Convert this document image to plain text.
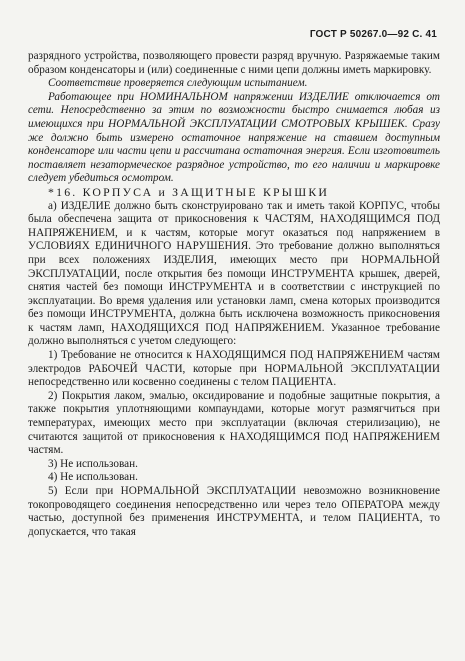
ГОСТ Р 50267.0—92 С. 41

разрядного устройства, позволяющего провести разряд вручную. Разряжаемые таким образом конденсаторы и (или) соединенные с ними цепи должны иметь маркировку.

Соответствие проверяется следующим испытанием.

Работающее при НОМИНАЛЬНОМ напряжении ИЗДЕЛИЕ отключается от сети. Непосредственно за этим по возможности быстро снимается любая из имеющихся при НОРМАЛЬНОЙ ЭКСПЛУАТАЦИИ СМОТРОВЫХ КРЫШЕК. Сразу же должно быть измерено остаточное напряжение на ставшем доступным конденсаторе или части цепи и рассчитана остаточная энергия. Если изготовитель поставляет незатормеческое разрядное устройство, то его наличии и маркировке следует убедиться осмотром.

*16. КОРПУСА и ЗАЩИТНЫЕ КРЫШКИ

а) ИЗДЕЛИЕ должно быть сконструировано так и иметь такой КОРПУС, чтобы была обеспечена защита от прикосновения к ЧАСТЯМ, НАХОДЯЩИМСЯ ПОД НАПРЯЖЕНИЕМ, и к частям, которые могут оказаться под напряжением в УСЛОВИЯХ ЕДИНИЧНОГО НАРУШЕНИЯ. Это требование должно выполняться при всех положениях ИЗДЕЛИЯ, имеющих место при НОРМАЛЬНОЙ ЭКСПЛУАТАЦИИ, после открытия без помощи ИНСТРУМЕНТА крышек, дверей, снятия частей без помощи ИНСТРУМЕНТА и в соответствии с инструкцией по эксплуатации. Во время удаления или установки ламп, смена которых производится без помощи ИНСТРУМЕНТА, должна быть исключена возможность прикосновения к частям ламп, НАХОДЯЩИХСЯ ПОД НАПРЯЖЕНИЕМ. Указанное требование должно выполняться с учетом следующего:

1) Требование не относится к НАХОДЯЩИМСЯ ПОД НАПРЯЖЕНИЕМ частям электродов РАБОЧЕЙ ЧАСТИ, которые при НОРМАЛЬНОЙ ЭКСПЛУАТАЦИИ непосредственно или косвенно соединены с телом ПАЦИЕНТА.

2) Покрытия лаком, эмалью, оксидирование и подобные защитные покрытия, а также покрытия уплотняющими компаундами, которые могут размягчиться при температурах, имеющих место при эксплуатации (включая стерилизацию), не считаются защитой от прикосновения к НАХОДЯЩИМСЯ ПОД НАПРЯЖЕНИЕМ частям.

3) Не использован.

4) Не использован.

5) Если при НОРМАЛЬНОЙ ЭКСПЛУАТАЦИИ невозможно возникновение токопроводящего соединения непосредственно или через тело ОПЕРАТОРА между частью, доступной без применения ИНСТРУМЕНТА, и телом ПАЦИЕНТА, то допускается, что такая
